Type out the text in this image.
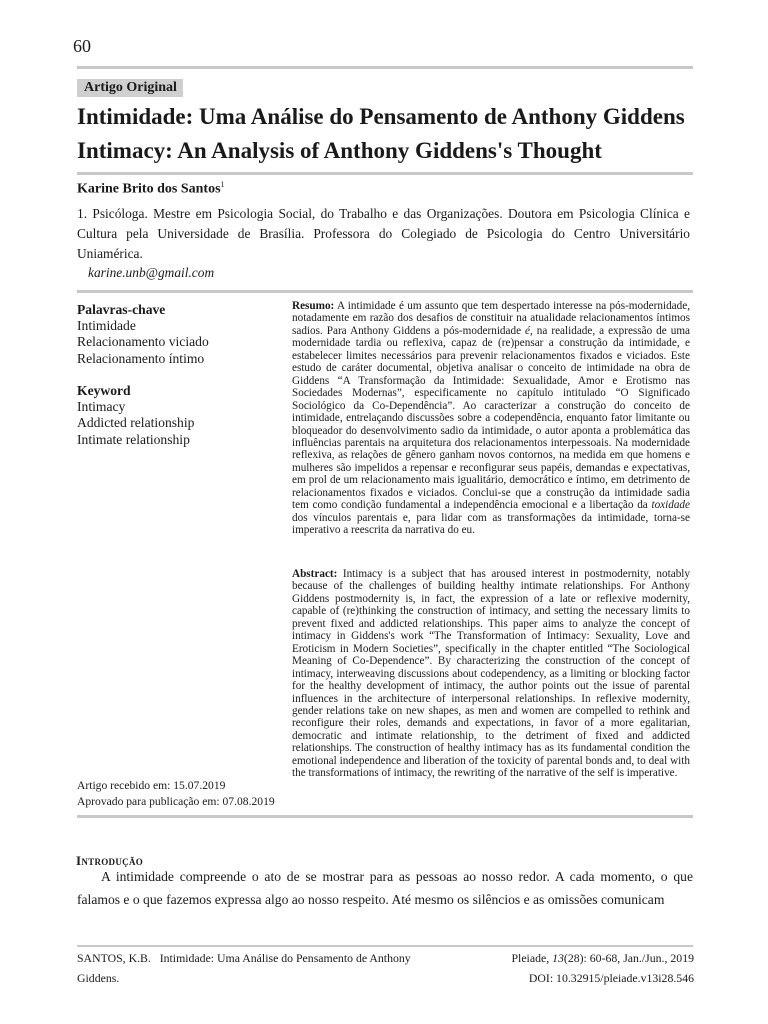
60
Artigo Original
Intimidade: Uma Análise do Pensamento de Anthony Giddens
Intimacy: An Analysis of Anthony Giddens's Thought
Karine Brito dos Santos$^1$
1. Psicóloga. Mestre em Psicologia Social, do Trabalho e das Organizações. Doutora em Psicologia Clínica e Cultura pela Universidade de Brasília. Professora do Colegiado de Psicologia do Centro Universitário Uniamérica.
karine.unb@gmail.com
Palavras-chave
Intimidade
Relacionamento viciado
Relacionamento íntimo
Keyword
Intimacy
Addicted relationship
Intimate relationship
Artigo recebido em: 15.07.2019
Aprovado para publicação em: 07.08.2019
Resumo: A intimidade é um assunto que tem despertado interesse na pós-modernidade, notadamente em razão dos desafios de constituir na atualidade relacionamentos íntimos sadios. Para Anthony Giddens a pós-modernidade é, na realidade, a expressão de uma modernidade tardia ou reflexiva, capaz de (re)pensar a construção da intimidade, e estabelecer limites necessários para prevenir relacionamentos fixados e viciados. Este estudo de caráter documental, objetiva analisar o conceito de intimidade na obra de Giddens “A Transformação da Intimidade: Sexualidade, Amor e Erotismo nas Sociedades Modernas”, especificamente no capítulo intitulado “O Significado Sociológico da Co-Dependência”. Ao caracterizar a construção do conceito de intimidade, entrelaçando discussões sobre a codependência, enquanto fator limitante ou bloqueador do desenvolvimento sadio da intimidade, o autor aponta a problemática das influências parentais na arquitetura dos relacionamentos interpessoais. Na modernidade reflexiva, as relações de gênero ganham novos contornos, na medida em que homens e mulheres são impelidos a repensar e reconfigurar seus papéis, demandas e expectativas, em prol de um relacionamento mais igualitário, democrático e íntimo, em detrimento de relacionamentos fixados e viciados. Conclui-se que a construção da intimidade sadia tem como condição fundamental a independência emocional e a libertação da toxidade dos vínculos parentais e, para lidar com as transformações da intimidade, torna-se imperativo a reescrita da narrativa do eu.
Abstract: Intimacy is a subject that has aroused interest in postmodernity, notably because of the challenges of building healthy intimate relationships. For Anthony Giddens postmodernity is, in fact, the expression of a late or reflexive modernity, capable of (re)thinking the construction of intimacy, and setting the necessary limits to prevent fixed and addicted relationships. This paper aims to analyze the concept of intimacy in Giddens's work “The Transformation of Intimacy: Sexuality, Love and Eroticism in Modern Societies”, specifically in the chapter entitled “The Sociological Meaning of Co-Dependence”. By characterizing the construction of the concept of intimacy, interweaving discussions about codependency, as a limiting or blocking factor for the healthy development of intimacy, the author points out the issue of parental influences in the architecture of interpersonal relationships. In reflexive modernity, gender relations take on new shapes, as men and women are compelled to rethink and reconfigure their roles, demands and expectations, in favor of a more egalitarian, democratic and intimate relationship, to the detriment of fixed and addicted relationships. The construction of healthy intimacy has as its fundamental condition the emotional independence and liberation of the toxicity of parental bonds and, to deal with the transformations of intimacy, the rewriting of the narrative of the self is imperative.
Introdução
A intimidade compreende o ato de se mostrar para as pessoas ao nosso redor. A cada momento, o que falamos e o que fazemos expressa algo ao nosso respeito. Até mesmo os silêncios e as omissões comunicam
SANTOS, K.B.   Intimidade: Uma Análise do Pensamento de Anthony
Giddens.
Pleiade, 13(28): 60-68, Jan./Jun., 2019
DOI: 10.32915/pleiade.v13i28.546
